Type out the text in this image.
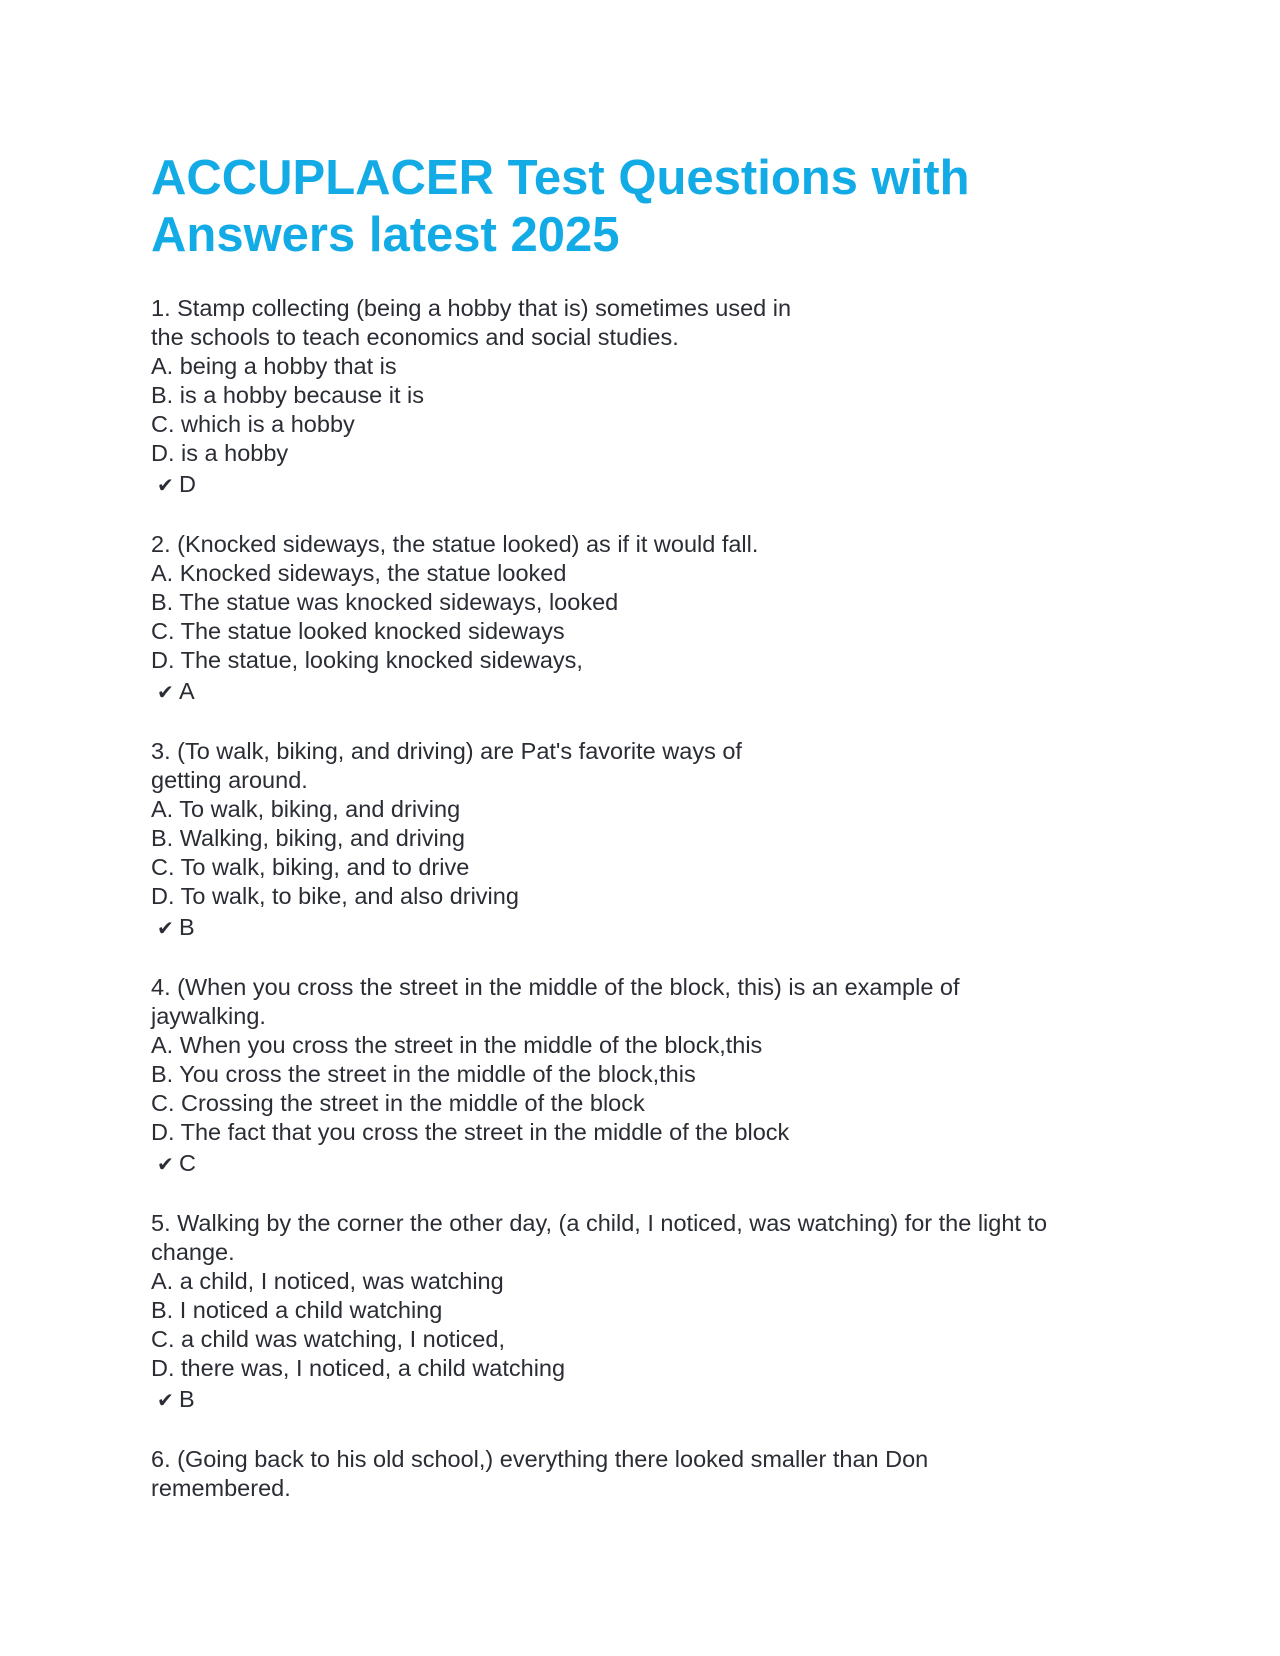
ACCUPLACER Test Questions with
Answers latest 2025
1. Stamp collecting (being a hobby that is) sometimes used in
the schools to teach economics and social studies.
A. being a hobby that is
B. is a hobby because it is
C. which is a hobby
D. is a hobby
✔ D
2. (Knocked sideways, the statue looked) as if it would fall.
A. Knocked sideways, the statue looked
B. The statue was knocked sideways, looked
C. The statue looked knocked sideways
D. The statue, looking knocked sideways,
✔ A
3. (To walk, biking, and driving) are Pat's favorite ways of
getting around.
A. To walk, biking, and driving
B. Walking, biking, and driving
C. To walk, biking, and to drive
D. To walk, to bike, and also driving
✔ B
4. (When you cross the street in the middle of the block, this) is an example of
jaywalking.
A. When you cross the street in the middle of the block,this
B. You cross the street in the middle of the block,this
C. Crossing the street in the middle of the block
D. The fact that you cross the street in the middle of the block
✔ C
5. Walking by the corner the other day, (a child, I noticed, was watching) for the light to
change.
A. a child, I noticed, was watching
B. I noticed a child watching
C. a child was watching, I noticed,
D. there was, I noticed, a child watching
✔ B
6. (Going back to his old school,) everything there looked smaller than Don
remembered.
